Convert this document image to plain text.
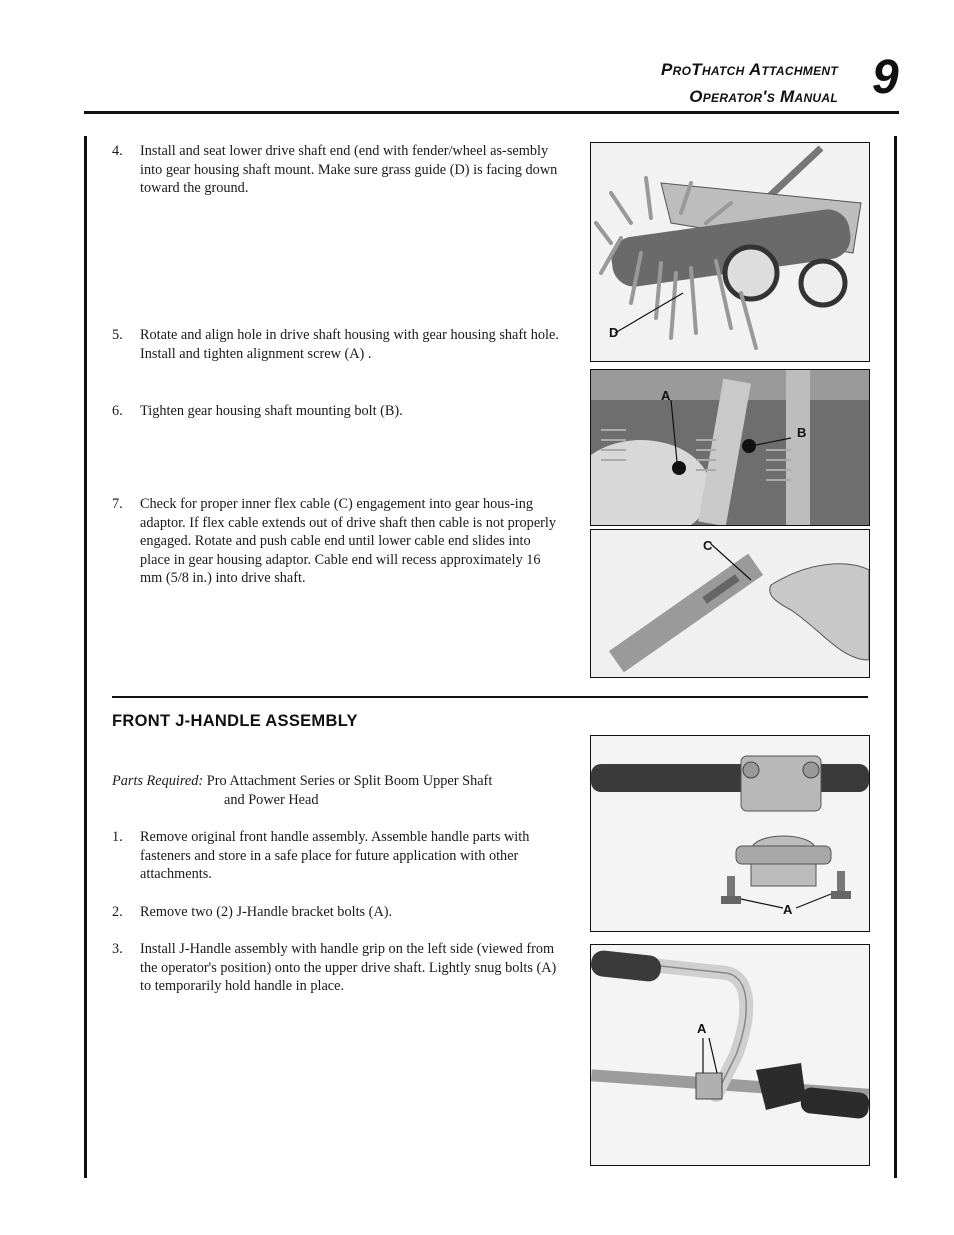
ProThatch Attachment
Operator's Manual 9
4. Install and seat lower drive shaft end (end with fender/wheel as-sembly into gear housing shaft mount. Make sure grass guide (D) is facing down toward the ground.
5. Rotate and align hole in drive shaft housing with gear housing shaft hole. Install and tighten alignment screw (A) .
6. Tighten gear housing shaft mounting bolt (B).
7. Check for proper inner flex cable (C) engagement into gear hous-ing adaptor. If flex cable extends out of drive shaft then cable is not properly engaged. Rotate and push cable end until lower cable end slides into place in gear housing adaptor. Cable end will recess approximately 16 mm (5/8 in.) into drive shaft.
D
A
B
C
FRONT J-HANDLE ASSEMBLY
Parts Required: Pro Attachment Series or Split Boom Upper Shaft
and Power Head
1. Remove original front handle assembly. Assemble handle parts with fasteners and store in a safe place for future application with other attachments.
2. Remove two (2) J-Handle bracket bolts (A).
3. Install J-Handle assembly with handle grip on the left side (viewed from the operator's position) onto the upper drive shaft. Lightly snug bolts (A) to temporarily hold handle in place.
A
A
